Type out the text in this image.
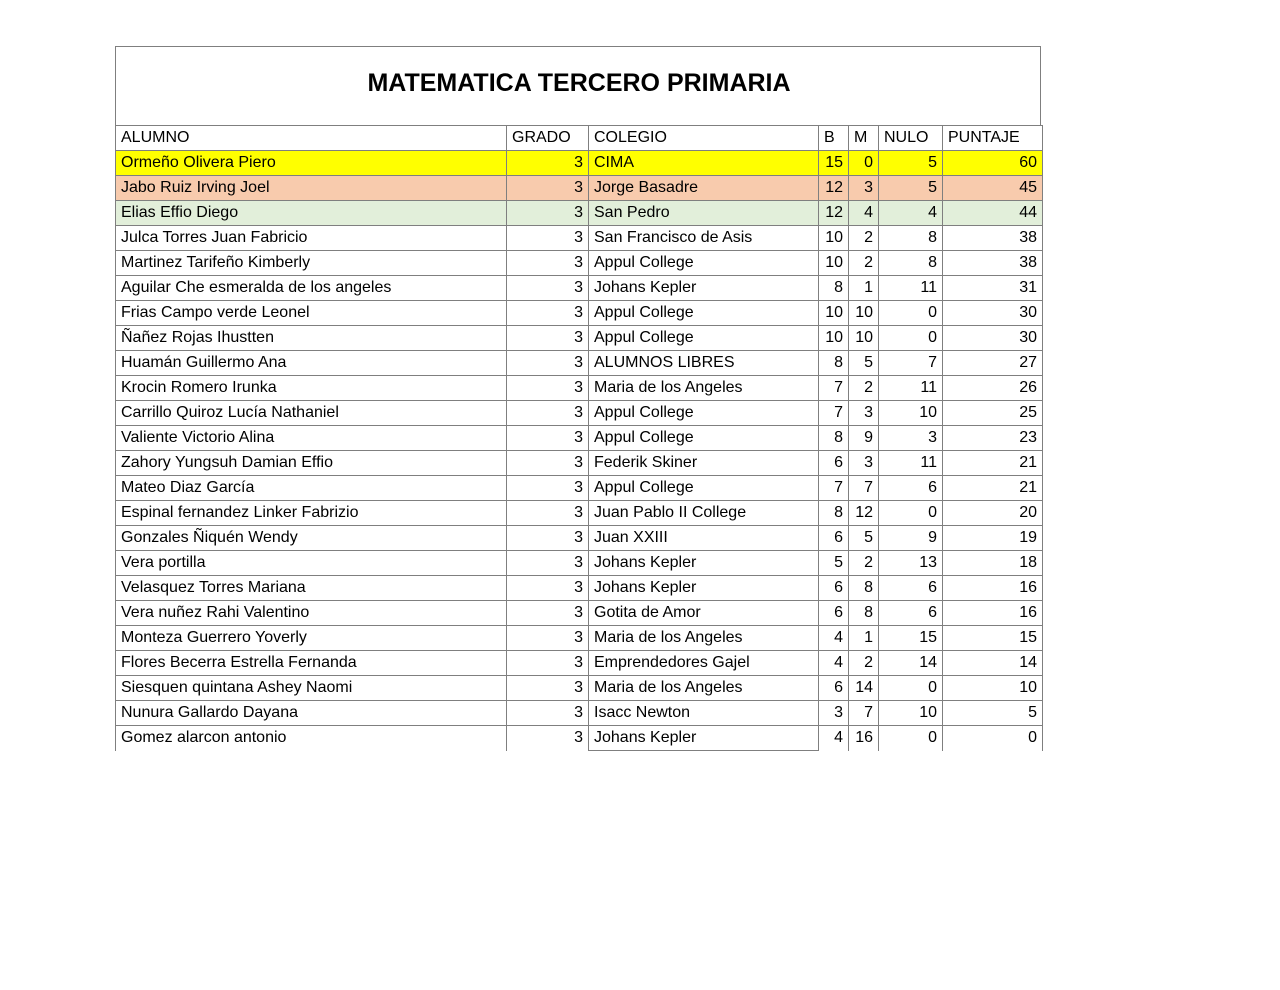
MATEMATICA TERCERO PRIMARIA
ALUMNO	GRADO	COLEGIO	B	M	NULO	PUNTAJE
Ormeño Olivera Piero	3	CIMA	15	0	5	60
Jabo Ruiz Irving Joel	3	Jorge Basadre	12	3	5	45
Elias Effio Diego	3	San Pedro	12	4	4	44
Julca Torres Juan Fabricio	3	San Francisco de Asis	10	2	8	38
Martinez Tarifeño Kimberly	3	Appul College	10	2	8	38
Aguilar Che esmeralda de los angeles	3	Johans Kepler	8	1	11	31
Frias Campo verde Leonel	3	Appul College	10	10	0	30
Ñañez Rojas Ihustten	3	Appul College	10	10	0	30
Huamán Guillermo Ana	3	ALUMNOS LIBRES	8	5	7	27
Krocin Romero Irunka	3	Maria de los Angeles	7	2	11	26
Carrillo Quiroz Lucía Nathaniel	3	Appul College	7	3	10	25
Valiente Victorio Alina	3	Appul College	8	9	3	23
Zahory Yungsuh Damian Effio	3	Federik Skiner	6	3	11	21
Mateo Diaz García	3	Appul College	7	7	6	21
Espinal fernandez Linker Fabrizio	3	Juan Pablo II College	8	12	0	20
Gonzales Ñiquén Wendy	3	Juan XXIII	6	5	9	19
Vera portilla	3	Johans Kepler	5	2	13	18
Velasquez Torres Mariana	3	Johans Kepler	6	8	6	16
Vera nuñez Rahi Valentino	3	Gotita de Amor	6	8	6	16
Monteza Guerrero Yoverly	3	Maria de los Angeles	4	1	15	15
Flores Becerra Estrella Fernanda	3	Emprendedores Gajel	4	2	14	14
Siesquen quintana Ashey Naomi	3	Maria de los Angeles	6	14	0	10
Nunura Gallardo Dayana	3	Isacc Newton	3	7	10	5
Gomez alarcon antonio	3	Johans Kepler	4	16	0	0
